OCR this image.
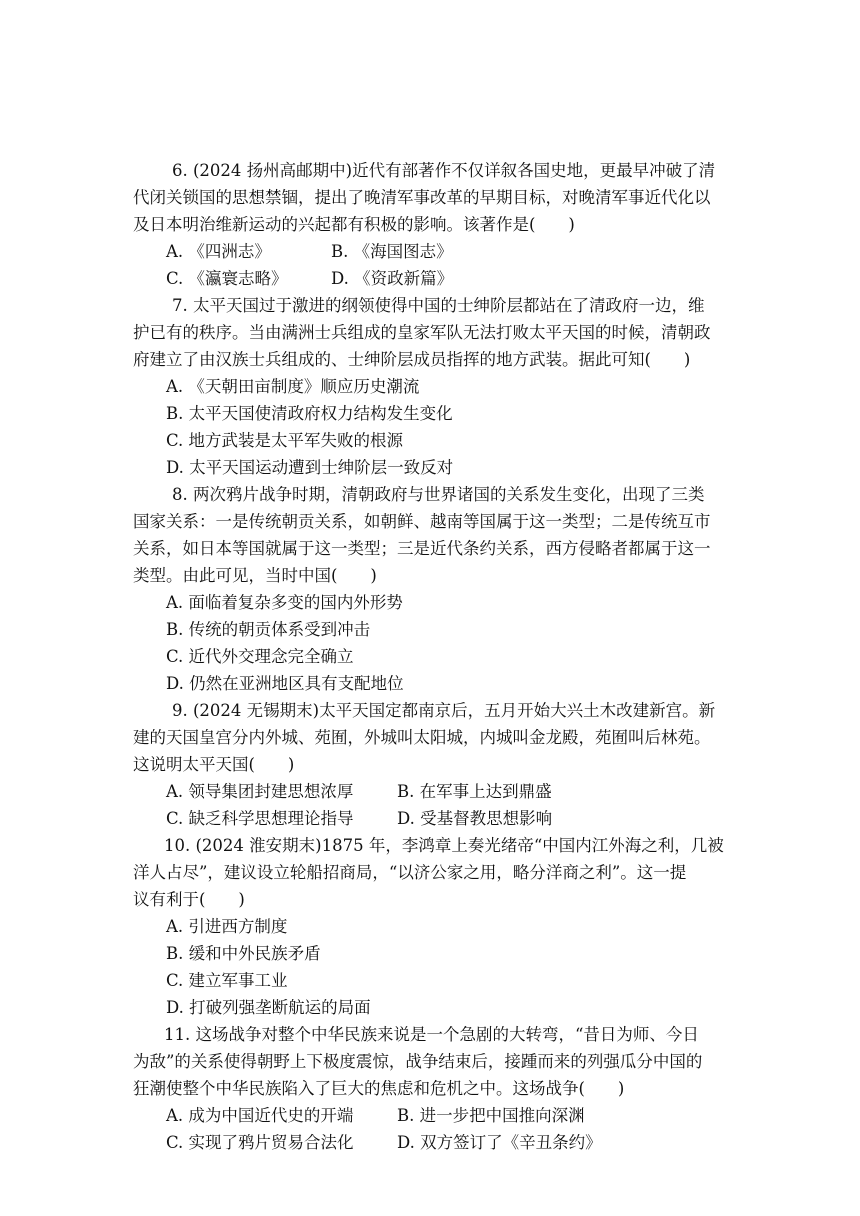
6. (2024 扬州高邮期中)近代有部著作不仅详叙各国史地，更最早冲破了清
代闭关锁国的思想禁锢，提出了晚清军事改革的早期目标，对晚清军事近代化以
及日本明治维新运动的兴起都有积极的影响。该著作是(　　)
A. 《四洲志》	B. 《海国图志》
C. 《瀛寰志略》	D. 《资政新篇》
7. 太平天国过于激进的纲领使得中国的士绅阶层都站在了清政府一边，维
护已有的秩序。当由满洲士兵组成的皇家军队无法打败太平天国的时候，清朝政
府建立了由汉族士兵组成的、士绅阶层成员指挥的地方武装。据此可知(　　)
A. 《天朝田亩制度》顺应历史潮流
B. 太平天国使清政府权力结构发生变化
C. 地方武装是太平军失败的根源
D. 太平天国运动遭到士绅阶层一致反对
8. 两次鸦片战争时期，清朝政府与世界诸国的关系发生变化，出现了三类
国家关系：一是传统朝贡关系，如朝鲜、越南等国属于这一类型；二是传统互市
关系，如日本等国就属于这一类型；三是近代条约关系，西方侵略者都属于这一
类型。由此可见，当时中国(　　)
A. 面临着复杂多变的国内外形势
B. 传统的朝贡体系受到冲击
C. 近代外交理念完全确立
D. 仍然在亚洲地区具有支配地位
9. (2024 无锡期末)太平天国定都南京后，五月开始大兴土木改建新宫。新
建的天国皇宫分内外城、苑囿，外城叫太阳城，内城叫金龙殿，苑囿叫后林苑。
这说明太平天国(　　)
A. 领导集团封建思想浓厚	B. 在军事上达到鼎盛
C. 缺乏科学思想理论指导	D. 受基督教思想影响
10. (2024 淮安期末)1875 年，李鸿章上奏光绪帝“中国内江外海之利，几被
洋人占尽”，建议设立轮船招商局，“以济公家之用，略分洋商之利”。这一提
议有利于(　　)
A. 引进西方制度
B. 缓和中外民族矛盾
C. 建立军事工业
D. 打破列强垄断航运的局面
11. 这场战争对整个中华民族来说是一个急剧的大转弯，“昔日为师、今日
为敌”的关系使得朝野上下极度震惊，战争结束后，接踵而来的列强瓜分中国的
狂潮使整个中华民族陷入了巨大的焦虑和危机之中。这场战争(　　)
A. 成为中国近代史的开端	B. 进一步把中国推向深渊
C. 实现了鸦片贸易合法化	D. 双方签订了《辛丑条约》
